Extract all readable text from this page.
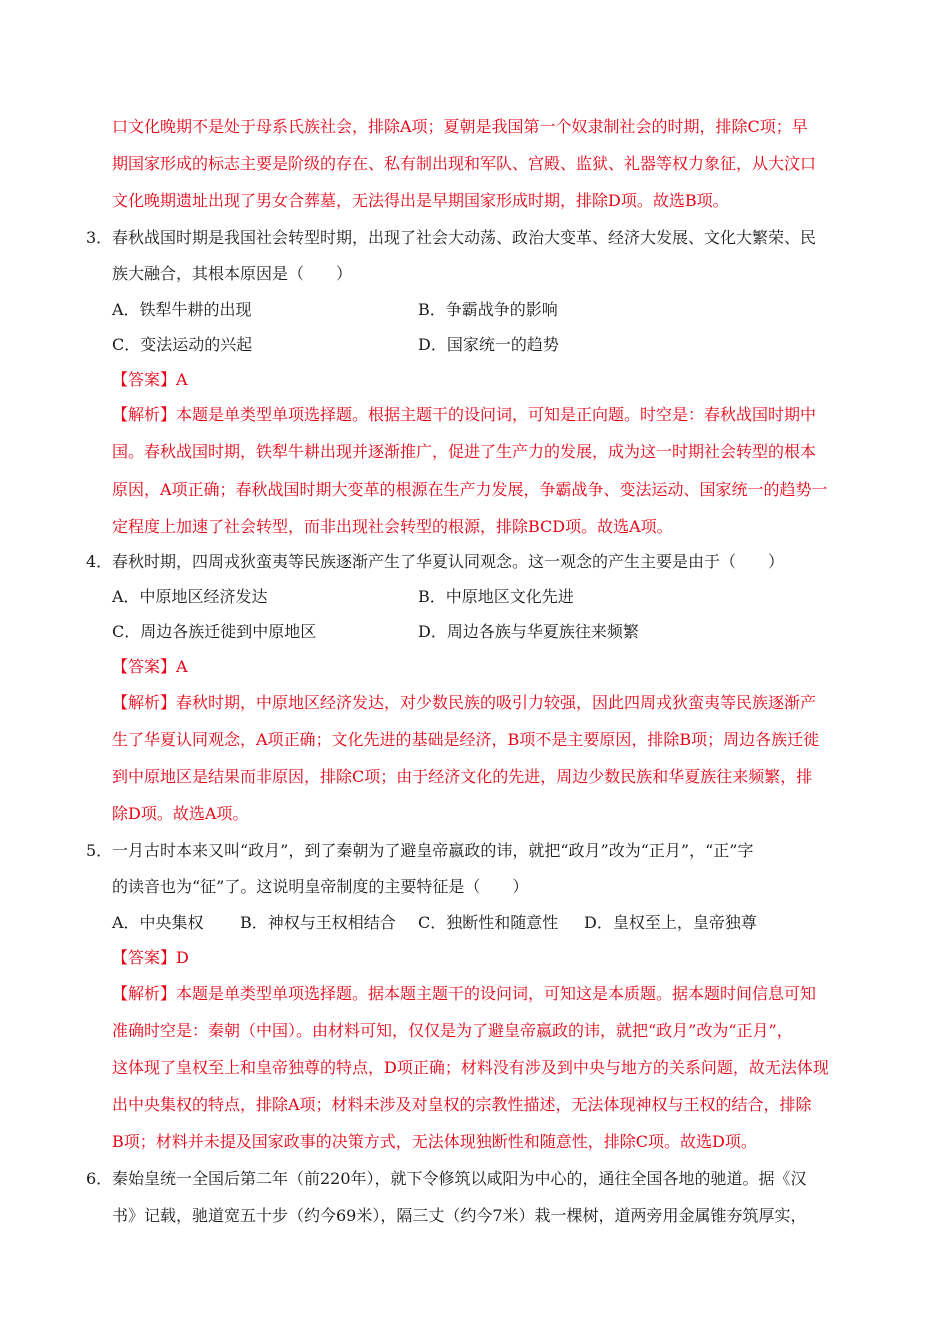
口文化晚期不是处于母系氏族社会，排除A项；夏朝是我国第一个奴隶制社会的时期，排除C项；早
期国家形成的标志主要是阶级的存在、私有制出现和军队、宫殿、监狱、礼器等权力象征，从大汶口
文化晚期遗址出现了男女合葬墓，无法得出是早期国家形成时期，排除D项。故选B项。
3． 春秋战国时期是我国社会转型时期，出现了社会大动荡、政治大变革、经济大发展、文化大繁荣、民
族大融合，其根本原因是（　　）
A．铁犁牛耕的出现	B．争霸战争的影响
C．变法运动的兴起	D．国家统一的趋势
【答案】A
【解析】本题是单类型单项选择题。根据主题干的设问词，可知是正向题。时空是：春秋战国时期中
国。春秋战国时期，铁犁牛耕出现并逐渐推广，促进了生产力的发展，成为这一时期社会转型的根本
原因，A项正确；春秋战国时期大变革的根源在生产力发展，争霸战争、变法运动、国家统一的趋势一
定程度上加速了社会转型，而非出现社会转型的根源，排除BCD项。故选A项。
4． 春秋时期，四周戎狄蛮夷等民族逐渐产生了华夏认同观念。这一观念的产生主要是由于（　　）
A．中原地区经济发达	B．中原地区文化先进
C．周边各族迁徙到中原地区	D．周边各族与华夏族往来频繁
【答案】A
【解析】春秋时期，中原地区经济发达，对少数民族的吸引力较强，因此四周戎狄蛮夷等民族逐渐产
生了华夏认同观念，A项正确；文化先进的基础是经济，B项不是主要原因，排除B项；周边各族迁徙
到中原地区是结果而非原因，排除C项；由于经济文化的先进，周边少数民族和华夏族往来频繁，排
除D项。故选A项。
5． 一月古时本来又叫“政月”，到了秦朝为了避皇帝嬴政的讳，就把“政月”改为“正月”，“正”字
的读音也为“征”了。这说明皇帝制度的主要特征是（　　）
A．中央集权 B．神权与王权相结合 C．独断性和随意性 D．皇权至上，皇帝独尊
【答案】D
【解析】本题是单类型单项选择题。据本题主题干的设问词，可知这是本质题。据本题时间信息可知
准确时空是：秦朝（中国）。由材料可知，仅仅是为了避皇帝嬴政的讳，就把“政月”改为“正月”，
这体现了皇权至上和皇帝独尊的特点，D项正确；材料没有涉及到中央与地方的关系问题，故无法体现
出中央集权的特点，排除A项；材料未涉及对皇权的宗教性描述，无法体现神权与王权的结合，排除
B项；材料并未提及国家政事的决策方式，无法体现独断性和随意性，排除C项。故选D项。
6． 秦始皇统一全国后第二年（前220年），就下令修筑以咸阳为中心的，通往全国各地的驰道。据《汉
书》记载，驰道宽五十步（约今69米），隔三丈（约今7米）栽一棵树，道两旁用金属锥夯筑厚实，
